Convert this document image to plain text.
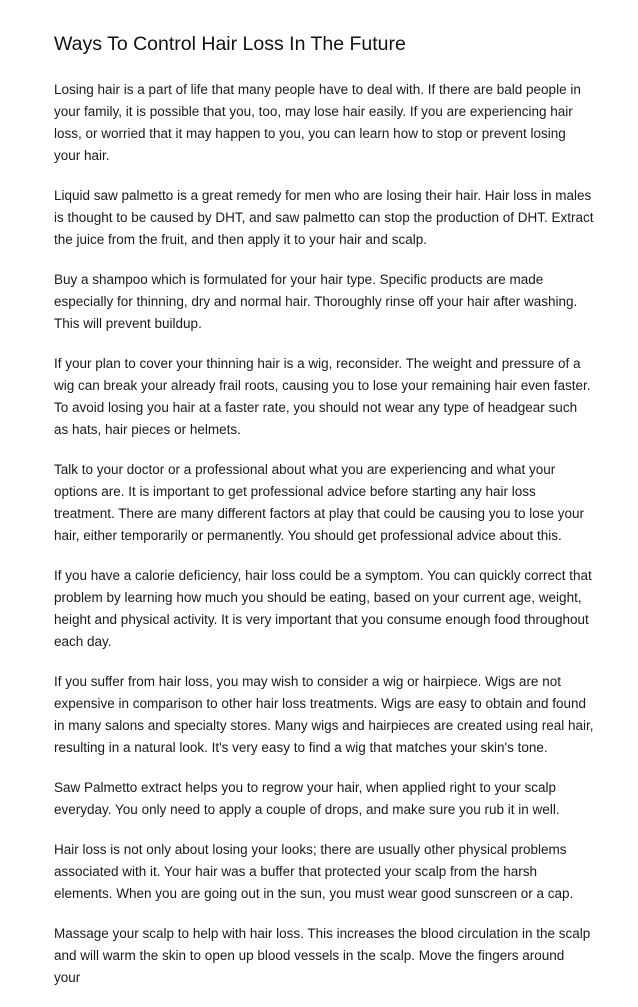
Ways To Control Hair Loss In The Future

Losing hair is a part of life that many people have to deal with. If there are bald people in your family, it is possible that you, too, may lose hair easily. If you are experiencing hair loss, or worried that it may happen to you, you can learn how to stop or prevent losing your hair.

Liquid saw palmetto is a great remedy for men who are losing their hair. Hair loss in males is thought to be caused by DHT, and saw palmetto can stop the production of DHT. Extract the juice from the fruit, and then apply it to your hair and scalp.

Buy a shampoo which is formulated for your hair type. Specific products are made especially for thinning, dry and normal hair. Thoroughly rinse off your hair after washing. This will prevent buildup.

If your plan to cover your thinning hair is a wig, reconsider. The weight and pressure of a wig can break your already frail roots, causing you to lose your remaining hair even faster. To avoid losing you hair at a faster rate, you should not wear any type of headgear such as hats, hair pieces or helmets.

Talk to your doctor or a professional about what you are experiencing and what your options are. It is important to get professional advice before starting any hair loss treatment. There are many different factors at play that could be causing you to lose your hair, either temporarily or permanently. You should get professional advice about this.

If you have a calorie deficiency, hair loss could be a symptom. You can quickly correct that problem by learning how much you should be eating, based on your current age, weight, height and physical activity. It is very important that you consume enough food throughout each day.

If you suffer from hair loss, you may wish to consider a wig or hairpiece. Wigs are not expensive in comparison to other hair loss treatments. Wigs are easy to obtain and found in many salons and specialty stores. Many wigs and hairpieces are created using real hair, resulting in a natural look. It's very easy to find a wig that matches your skin's tone.

Saw Palmetto extract helps you to regrow your hair, when applied right to your scalp everyday. You only need to apply a couple of drops, and make sure you rub it in well.

Hair loss is not only about losing your looks; there are usually other physical problems associated with it. Your hair was a buffer that protected your scalp from the harsh elements. When you are going out in the sun, you must wear good sunscreen or a cap.

Massage your scalp to help with hair loss. This increases the blood circulation in the scalp and will warm the skin to open up blood vessels in the scalp. Move the fingers around your
